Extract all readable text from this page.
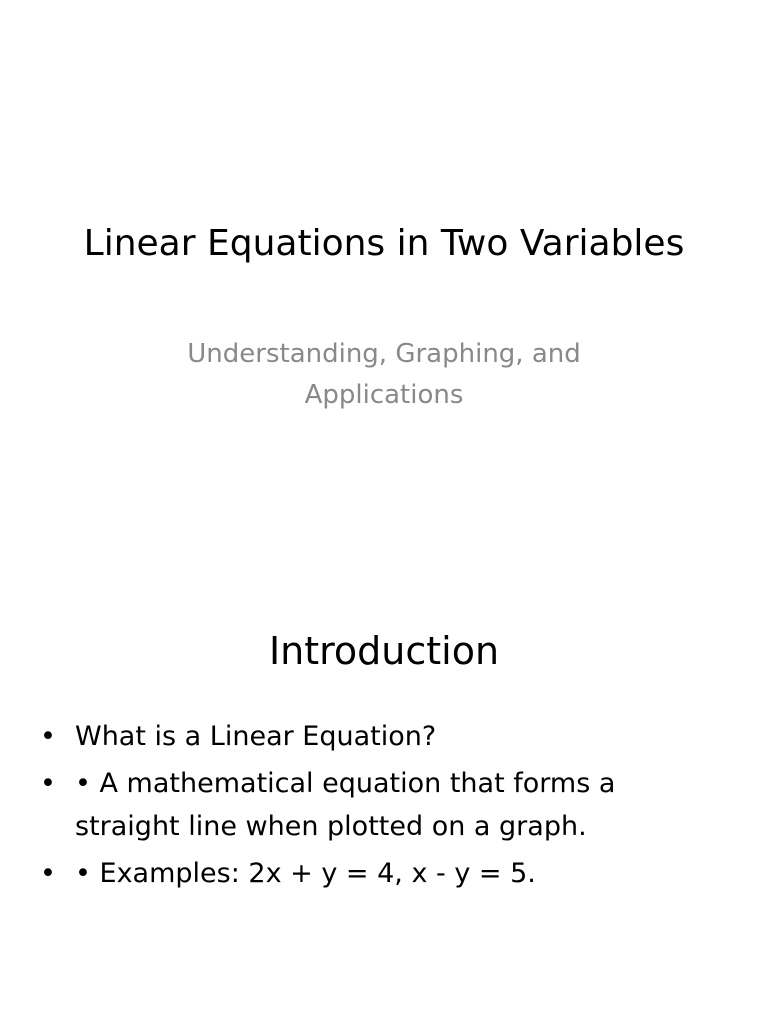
Linear Equations in Two Variables
Understanding, Graphing, and Applications
Introduction
• What is a Linear Equation?
• • A mathematical equation that forms a straight line when plotted on a graph.
• • Examples: 2x + y = 4, x - y = 5.
